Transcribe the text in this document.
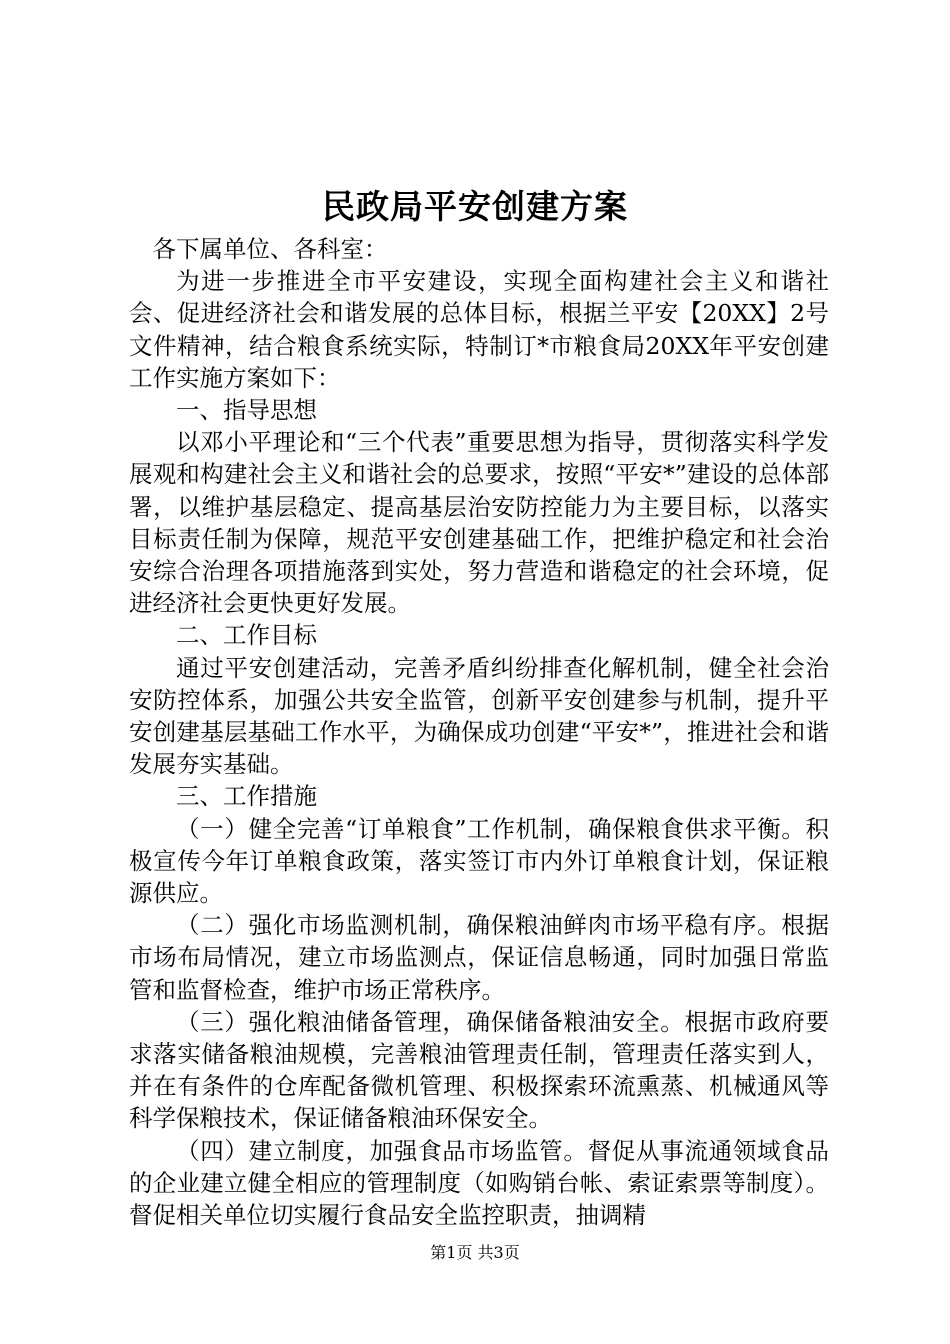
民政局平安创建方案

各下属单位、各科室：

为进一步推进全市平安建设，实现全面构建社会主义和谐社会、促进经济社会和谐发展的总体目标，根据兰平安【20XX】2号文件精神，结合粮食系统实际，特制订*市粮食局20XX年平安创建工作实施方案如下：

一、指导思想

以邓小平理论和“三个代表”重要思想为指导，贯彻落实科学发展观和构建社会主义和谐社会的总要求，按照“平安*”建设的总体部署，以维护基层稳定、提高基层治安防控能力为主要目标，以落实目标责任制为保障，规范平安创建基础工作，把维护稳定和社会治安综合治理各项措施落到实处，努力营造和谐稳定的社会环境，促进经济社会更快更好发展。

二、工作目标

通过平安创建活动，完善矛盾纠纷排查化解机制，健全社会治安防控体系，加强公共安全监管，创新平安创建参与机制，提升平安创建基层基础工作水平，为确保成功创建“平安*”，推进社会和谐发展夯实基础。

三、工作措施

（一）健全完善“订单粮食”工作机制，确保粮食供求平衡。积极宣传今年订单粮食政策，落实签订市内外订单粮食计划，保证粮源供应。

（二）强化市场监测机制，确保粮油鲜肉市场平稳有序。根据市场布局情况，建立市场监测点，保证信息畅通，同时加强日常监管和监督检查，维护市场正常秩序。

（三）强化粮油储备管理，确保储备粮油安全。根据市政府要求落实储备粮油规模，完善粮油管理责任制，管理责任落实到人，并在有条件的仓库配备微机管理、积极探索环流熏蒸、机械通风等科学保粮技术，保证储备粮油环保安全。

（四）建立制度，加强食品市场监管。督促从事流通领域食品的企业建立健全相应的管理制度（如购销台帐、索证索票等制度）。督促相关单位切实履行食品安全监控职责，抽调精

第1页 共3页
